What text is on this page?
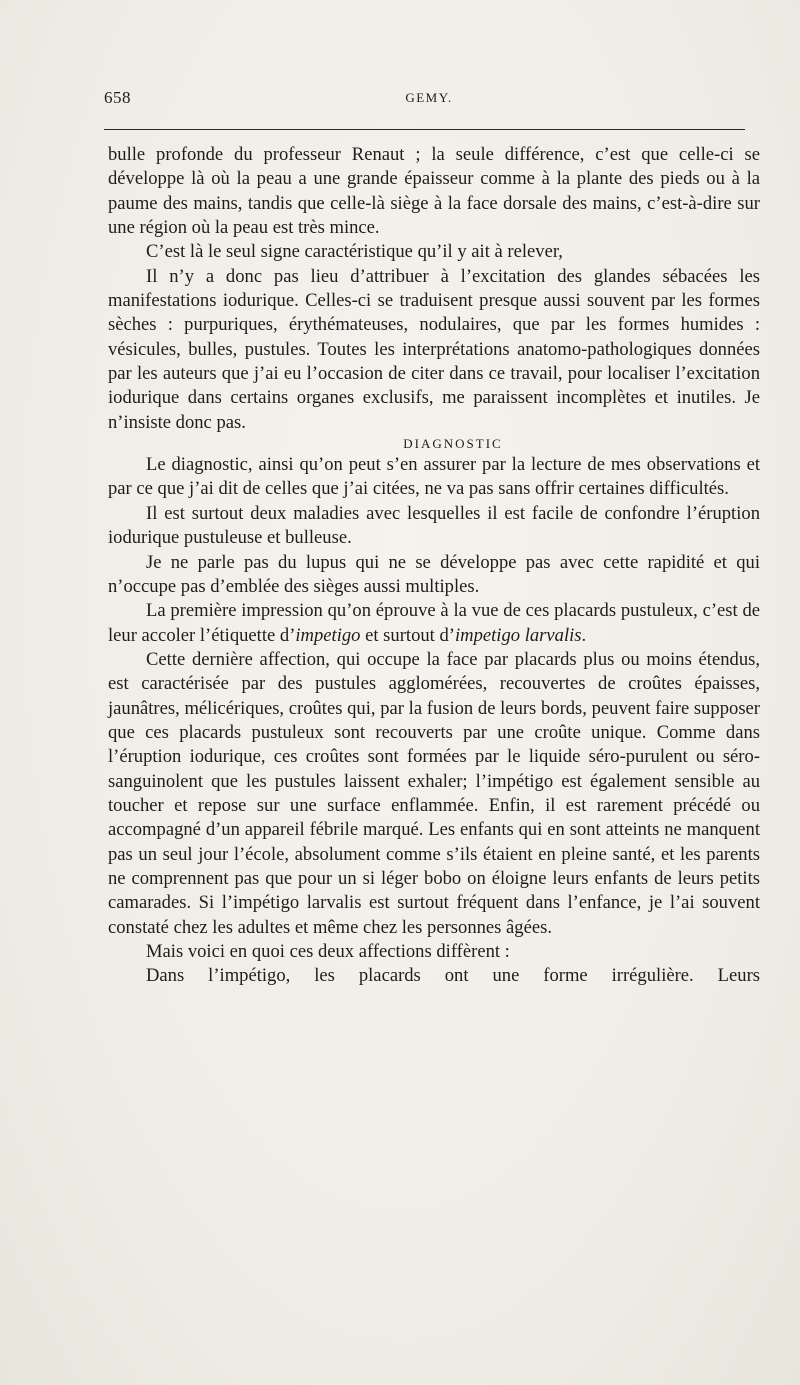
658	GEMY.

bulle profonde du professeur Renaut ; la seule différence, c’est que celle-ci se développe là où la peau a une grande épaisseur comme à la plante des pieds ou à la paume des mains, tandis que celle-là siège à la face dorsale des mains, c’est-à-dire sur une région où la peau est très mince.

C’est là le seul signe caractéristique qu’il y ait à relever,

Il n’y a donc pas lieu d’attribuer à l’excitation des glandes sébacées les manifestations iodurique. Celles-ci se traduisent presque aussi souvent par les formes sèches : purpuriques, érythémateuses, nodulaires, que par les formes humides : vésicules, bulles, pustules. Toutes les interprétations anatomo-pathologiques données par les auteurs que j’ai eu l’occasion de citer dans ce travail, pour localiser l’excitation iodurique dans certains organes exclusifs, me paraissent incomplètes et inutiles. Je n’insiste donc pas.

DIAGNOSTIC

Le diagnostic, ainsi qu’on peut s’en assurer par la lecture de mes observations et par ce que j’ai dit de celles que j’ai citées, ne va pas sans offrir certaines difficultés.

Il est surtout deux maladies avec lesquelles il est facile de confondre l’éruption iodurique pustuleuse et bulleuse.

Je ne parle pas du lupus qui ne se développe pas avec cette rapidité et qui n’occupe pas d’emblée des sièges aussi multiples.

La première impression qu’on éprouve à la vue de ces placards pustuleux, c’est de leur accoler l’étiquette d’impetigo et surtout d’impetigo larvalis.

Cette dernière affection, qui occupe la face par placards plus ou moins étendus, est caractérisée par des pustules agglomérées, recouvertes de croûtes épaisses, jaunâtres, mélicériques, croûtes qui, par la fusion de leurs bords, peuvent faire supposer que ces placards pustuleux sont recouverts par une croûte unique. Comme dans l’éruption iodurique, ces croûtes sont formées par le liquide séro-purulent ou séro-sanguinolent que les pustules laissent exhaler; l’impétigo est également sensible au toucher et repose sur une surface enflammée. Enfin, il est rarement précédé ou accompagné d’un appareil fébrile marqué. Les enfants qui en sont atteints ne manquent pas un seul jour l’école, absolument comme s’ils étaient en pleine santé, et les parents ne comprennent pas que pour un si léger bobo on éloigne leurs enfants de leurs petits camarades. Si l’impétigo larvalis est surtout fréquent dans l’enfance, je l’ai souvent constaté chez les adultes et même chez les personnes âgées.

Mais voici en quoi ces deux affections diffèrent :

Dans l’impétigo, les placards ont une forme irrégulière. Leurs
